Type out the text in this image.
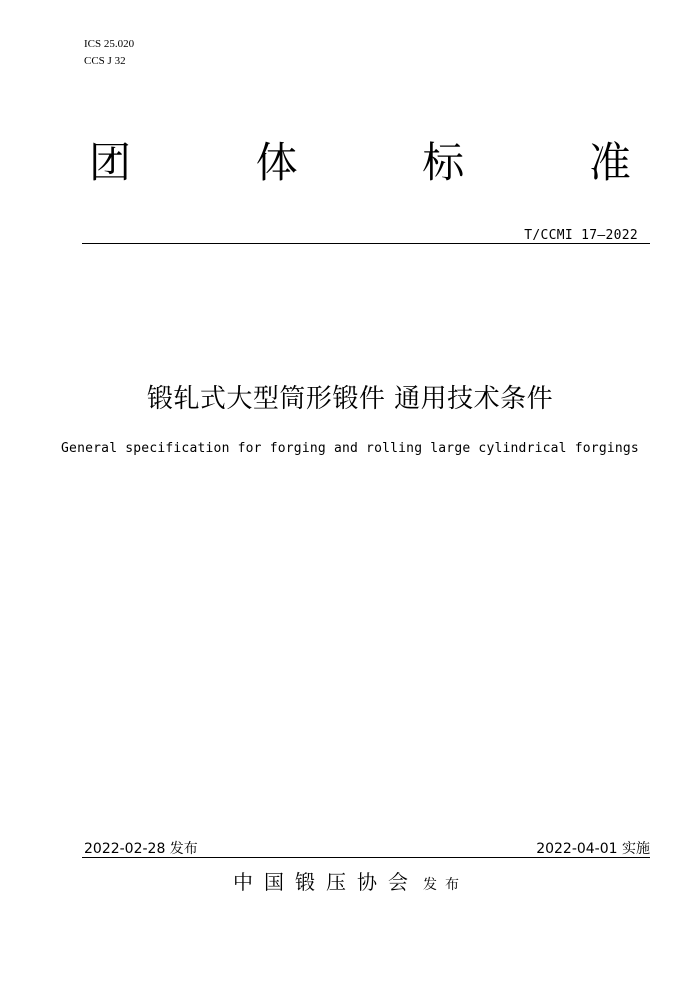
ICS 25.020
CCS J 32
团	体	标	准
T/CCMI 17—2022
锻轧式大型筒形锻件 通用技术条件
General specification for forging and rolling large cylindrical forgings
2022-02-28 发布	2022-04-01 实施
中国锻压协会 发布
